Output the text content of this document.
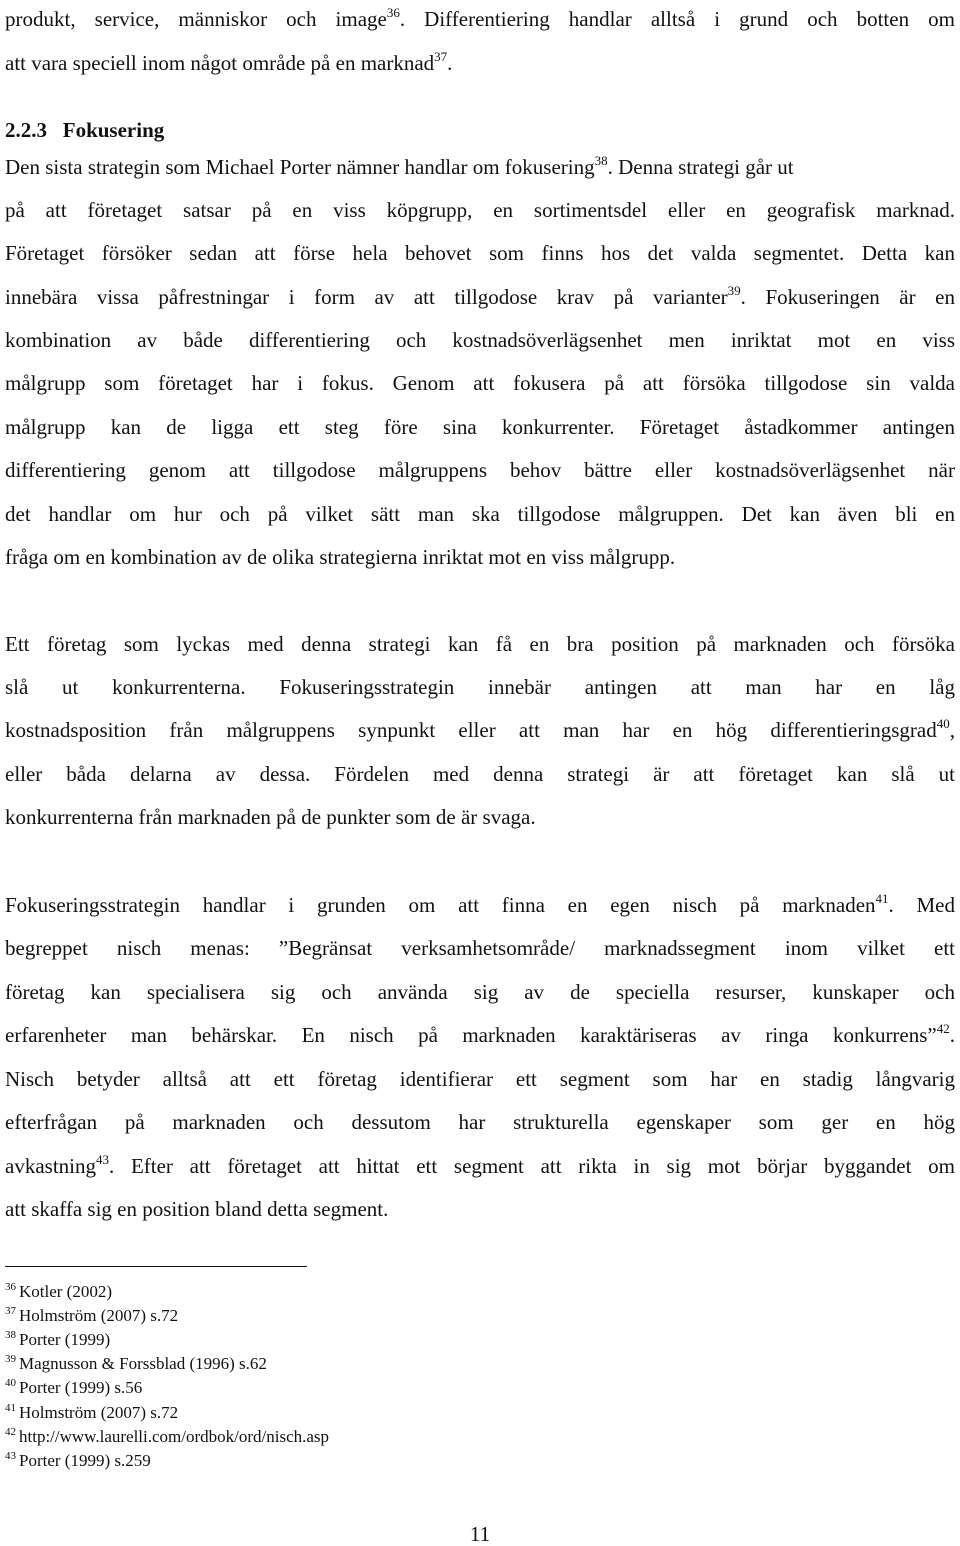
produkt, service, människor och image$^{36}$. Differentiering handlar alltså i grund och botten om
att vara speciell inom något område på en marknad$^{37}$.
2.2.3 Fokusering
Den sista strategin som Michael Porter nämner handlar om fokusering$^{38}$. Denna strategi går ut
på att företaget satsar på en viss köpgrupp, en sortimentsdel eller en geografisk marknad.
Företaget försöker sedan att förse hela behovet som finns hos det valda segmentet. Detta kan
innebära vissa påfrestningar i form av att tillgodose krav på varianter$^{39}$. Fokuseringen är en
kombination av både differentiering och kostnadsöverlägsenhet men inriktat mot en viss
målgrupp som företaget har i fokus. Genom att fokusera på att försöka tillgodose sin valda
målgrupp kan de ligga ett steg före sina konkurrenter. Företaget åstadkommer antingen
differentiering genom att tillgodose målgruppens behov bättre eller kostnadsöverlägsenhet när
det handlar om hur och på vilket sätt man ska tillgodose målgruppen. Det kan även bli en
fråga om en kombination av de olika strategierna inriktat mot en viss målgrupp.
Ett företag som lyckas med denna strategi kan få en bra position på marknaden och försöka
slå ut konkurrenterna. Fokuseringsstrategin innebär antingen att man har en låg
kostnadsposition från målgruppens synpunkt eller att man har en hög differentieringsgrad$^{40}$,
eller båda delarna av dessa. Fördelen med denna strategi är att företaget kan slå ut
konkurrenterna från marknaden på de punkter som de är svaga.
Fokuseringsstrategin handlar i grunden om att finna en egen nisch på marknaden$^{41}$. Med
begreppet nisch menas: ”Begränsat verksamhetsområde/ marknadssegment inom vilket ett
företag kan specialisera sig och använda sig av de speciella resurser, kunskaper och
erfarenheter man behärskar. En nisch på marknaden karaktäriseras av ringa konkurrens”$^{42}$.
Nisch betyder alltså att ett företag identifierar ett segment som har en stadig långvarig
efterfrågan på marknaden och dessutom har strukturella egenskaper som ger en hög
avkastning$^{43}$. Efter att företaget att hittat ett segment att rikta in sig mot börjar byggandet om
att skaffa sig en position bland detta segment.
$^{36}$ Kotler (2002)
$^{37}$ Holmström (2007) s.72
$^{38}$ Porter (1999)
$^{39}$ Magnusson & Forssblad (1996) s.62
$^{40}$ Porter (1999) s.56
$^{41}$ Holmström (2007) s.72
$^{42}$ http://www.laurelli.com/ordbok/ord/nisch.asp
$^{43}$ Porter (1999) s.259
11
